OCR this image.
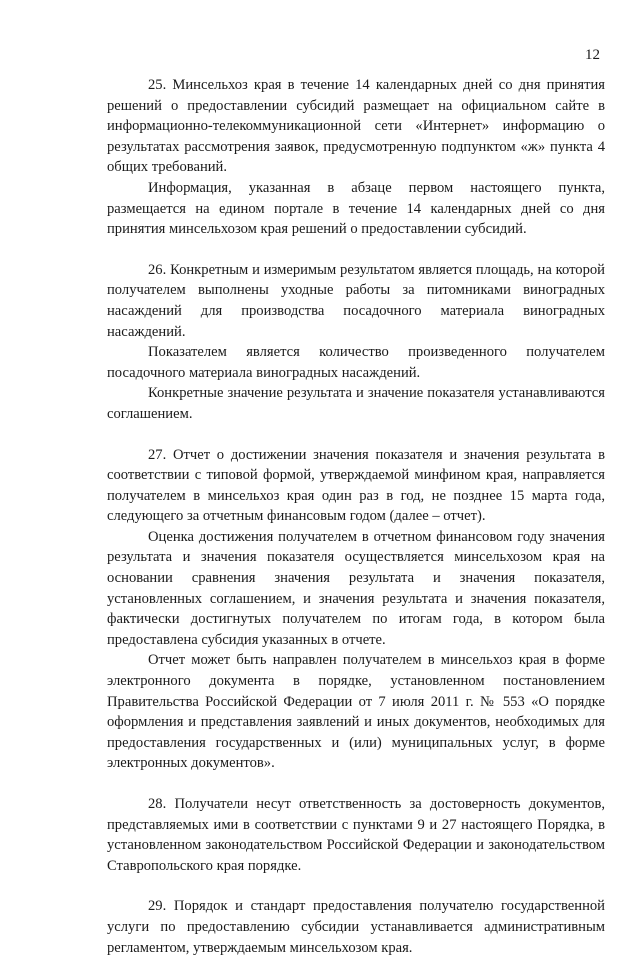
12

25. Минсельхоз края в течение 14 календарных дней со дня принятия решений о предоставлении субсидий размещает на официальном сайте в информационно-телекоммуникационной сети «Интернет» информацию о результатах рассмотрения заявок, предусмотренную подпунктом «ж» пункта 4 общих требований.

Информация, указанная в абзаце первом настоящего пункта, размещается на едином портале в течение 14 календарных дней со дня принятия минсельхозом края решений о предоставлении субсидий.

26. Конкретным и измеримым результатом является площадь, на которой получателем выполнены уходные работы за питомниками виноградных насаждений для производства посадочного материала виноградных насаждений.

Показателем является количество произведенного получателем посадочного материала виноградных насаждений.

Конкретные значение результата и значение показателя устанавливаются соглашением.

27. Отчет о достижении значения показателя и значения результата в соответствии с типовой формой, утверждаемой минфином края, направляется получателем в минсельхоз края один раз в год, не позднее 15 марта года, следующего за отчетным финансовым годом (далее – отчет).

Оценка достижения получателем в отчетном финансовом году значения результата и значения показателя осуществляется минсельхозом края на основании сравнения значения результата и значения показателя, установленных соглашением, и значения результата и значения показателя, фактически достигнутых получателем по итогам года, в котором была предоставлена субсидия указанных в отчете.

Отчет может быть направлен получателем в минсельхоз края в форме электронного документа в порядке, установленном постановлением Правительства Российской Федерации от 7 июля 2011 г. № 553 «О порядке оформления и представления заявлений и иных документов, необходимых для предоставления государственных и (или) муниципальных услуг, в форме электронных документов».

28. Получатели несут ответственность за достоверность документов, представляемых ими в соответствии с пунктами 9 и 27 настоящего Порядка, в установленном законодательством Российской Федерации и законодательством Ставропольского края порядке.

29. Порядок и стандарт предоставления получателю государственной услуги по предоставлению субсидии устанавливается административным регламентом, утверждаемым минсельхозом края.
